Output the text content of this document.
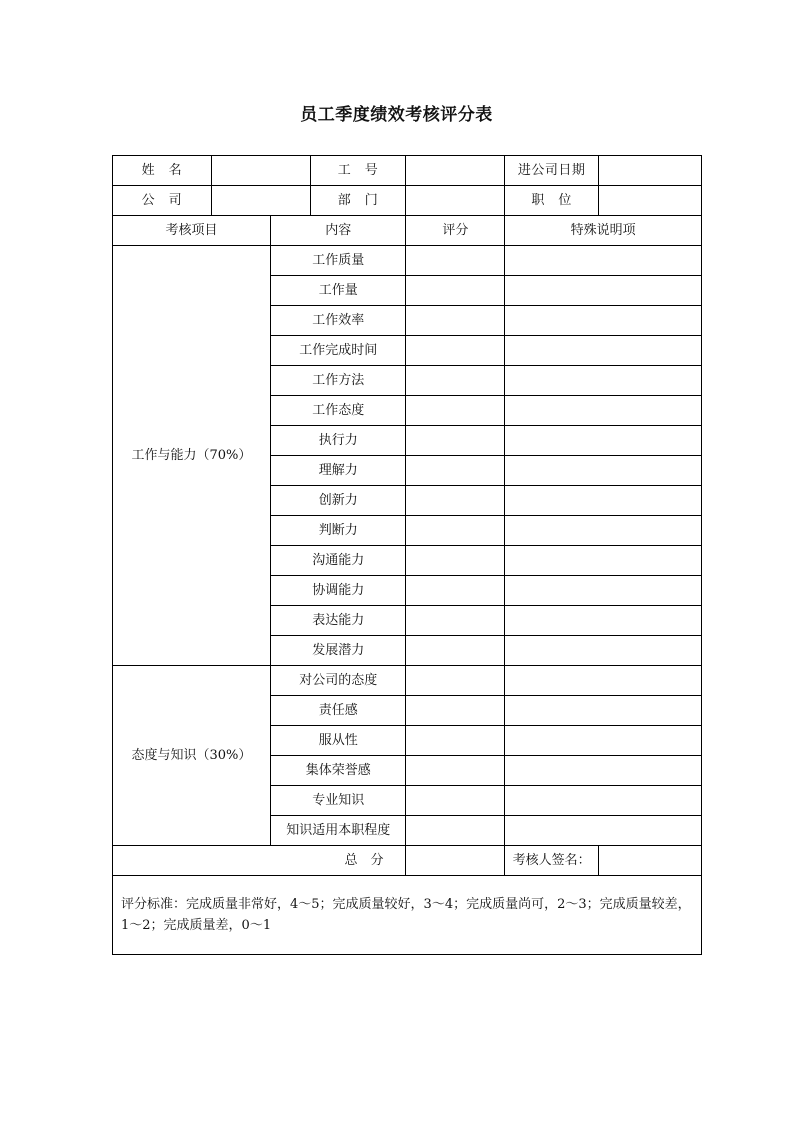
员工季度绩效考核评分表
姓　名			工　号		进公司日期	
公　司			部　门		职　位	
考核项目		内容		评分	特殊说明项	
工作与能力（70%）		工作质量				
		工作量				
		工作效率				
		工作完成时间				
		工作方法				
		工作态度				
		执行力				
		理解力				
		创新力				
		判断力				
		沟通能力				
		协调能力				
		表达能力				
		发展潜力				
态度与知识（30%）		对公司的态度				
		责任感				
		服从性				
		集体荣誉感				
		专业知识				
		知识适用本职程度				
总　分					考核人签名：	
评分标准：完成质量非常好，4～5；完成质量较好，3～4；完成质量尚可，2～3；完成质量较差，1～2；完成质量差，0～1						
